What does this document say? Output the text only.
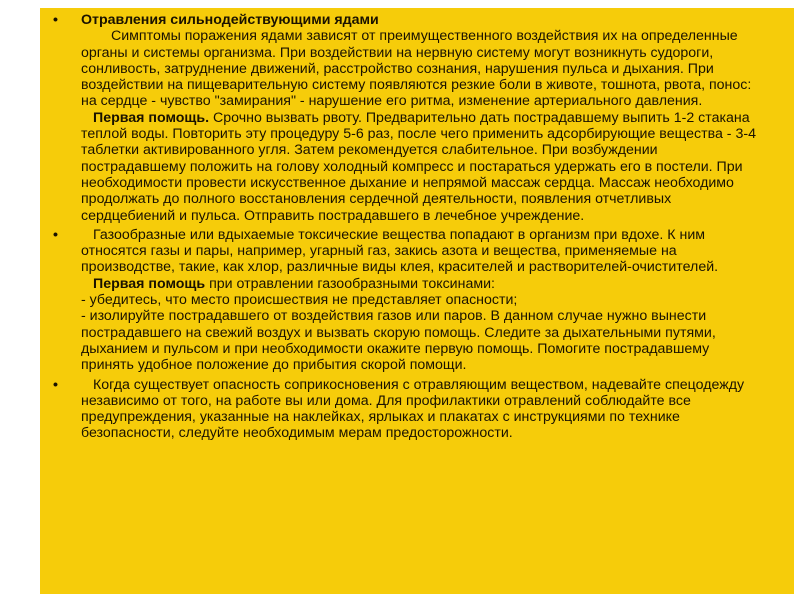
• Отравления сильнодействующими ядами
Симптомы поражения ядами зависят от преимущественного воздействия их на определенные органы и системы организма. При воздействии на нервную систему могут возникнуть судороги, сонливость, затруднение движений, расстройство сознания, нарушения пульса и дыхания. При воздействии на пищеварительную систему появляются резкие боли в животе, тошнота, рвота, понос: на сердце - чувство "замирания" - нарушение его ритма, изменение артериального давления.
Первая помощь. Срочно вызвать рвоту. Предварительно дать пострадавшему выпить 1-2 стакана теплой воды. Повторить эту процедуру 5-6 раз, после чего применить адсорбирующие вещества - 3-4 таблетки активированного угля. Затем рекомендуется слабительное. При возбуждении пострадавшему положить на голову холодный компресс и постараться удержать его в постели. При необходимости провести искусственное дыхание и непрямой массаж сердца. Массаж необходимо продолжать до полного восстановления сердечной деятельности, появления отчетливых сердцебиений и пульса. Отправить пострадавшего в лечебное учреждение.
•	Газообразные или вдыхаемые токсические вещества попадают в организм при вдохе. К ним относятся газы и пары, например, угарный газ, закись азота и вещества, применяемые на производстве, такие, как хлор, различные виды клея, красителей и растворителей-очистителей.
Первая помощь при отравлении газообразными токсинами:
- убедитесь, что место происшествия не представляет опасности;
- изолируйте пострадавшего от воздействия газов или паров. В данном случае нужно вынести пострадавшего на свежий воздух и вызвать скорую помощь. Следите за дыхательными путями, дыханием и пульсом и при необходимости окажите первую помощь. Помогите пострадавшему принять удобное положение до прибытия скорой помощи.
•	Когда существует опасность соприкосновения с отравляющим веществом, надевайте спецодежду независимо от того, на работе вы или дома. Для профилактики отравлений соблюдайте все предупреждения, указанные на наклейках, ярлыках и плакатах с инструкциями по технике безопасности, следуйте необходимым мерам предосторожности.
